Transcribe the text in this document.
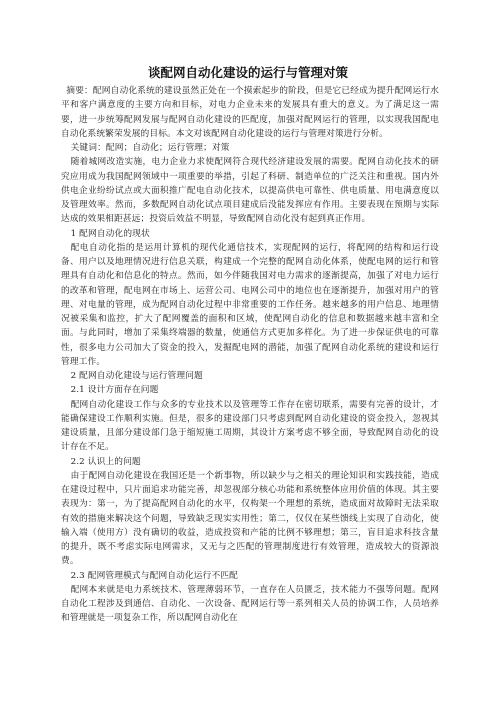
谈配网自动化建设的运行与管理对策

摘要：配网自动化系统的建设虽然正处在一个摸索起步的阶段，但是它已经成为提升配网运行水平和客户满意度的主要方向和目标，对电力企业未来的发展具有重大的意义。为了满足这一需要，进一步统筹配网发展与配网自动化建设的匹配度，加强对配网运行的管理，以实现我国配电自动化系统繁荣发展的目标。本文对该配网自动化建设的运行与管理对策进行分析。

关键词：配网；自动化；运行管理；对策

随着城网改造实施，电力企业力求使配网符合现代经济建设发展的需要。配网自动化技术的研究应用成为我国配网领域中一项重要的举措，引起了科研、制造单位的广泛关注和重视。国内外供电企业纷纷试点或大面积推广配电自动化技术，以提高供电可靠性、供电质量、用电满意度以及管理效率。然而，多数配网自动化试点项目建成后没能发挥应有作用。主要表现在预期与实际达成的效果相距甚远；投资后效益不明显，导致配网自动化没有起到真正作用。

1 配网自动化的现状

配电自动化指的是运用计算机的现代化通信技术，实现配网的运行，将配网的结构和运行设备、用户以及地理情况进行信息关联，构建成一个完整的配网自动化体系，使配电网的运行和管理具有自动化和信息化的特点。然而，如今伴随我国对电力需求的逐渐提高，加强了对电力运行的改革和管理，配电网在市场上、运营公司、电网公司中的地位也在逐渐提升，加强对用户的管理、对电量的管理，成为配网自动化过程中非常重要的工作任务。越来越多的用户信息、地理情况被采集和监控，扩大了配网覆盖的面积和区域，使配网自动化的信息和数据越来越丰富和全面。与此同时，增加了采集终端器的数量，使通信方式更加多样化。为了进一步保证供电的可靠性，很多电力公司加大了资金的投入，发掘配电网的潜能，加强了配网自动化系统的建设和运行管理工作。

2 配网自动化建设与运行管理问题

2.1 设计方面存在问题

配网自动化建设工作与众多的专业技术以及管理等工作存在密切联系，需要有完善的设计，才能确保建设工作顺利实施。但是，很多的建设部门只考虑到配网自动化建设的资金投入，忽视其建设质量，且部分建设部门急于缩短施工周期，其设计方案考虑不够全面，导致配网自动化的设计存在不足。

2.2 认识上的问题

由于配网自动化建设在我国还是一个新事物，所以缺少与之相关的理论知识和实践技能，造成在建设过程中，只片面追求功能完善，却忽视部分核心功能和系统整体应用价值的体现。其主要表现为：第一，为了提高配网自动化的水平，仅构架一个理想的系统，造成面对故障时无法采取有效的措施来解决这个问题，导致缺乏现实实用性；第二，仅仅在某些馈线上实现了自动化，使输入端（使用方）没有确切的收益，造成投资和产能的比例不够理想；第三，盲目追求科技含量的提升，既不考虑实际电网需求，又无与之匹配的管理制度进行有效管理，造成较大的资源浪费。

2.3 配网管理模式与配网自动化运行不匹配

配网本来就是电力系统技术、管理薄弱环节，一直存在人员匮乏，技术能力不强等问题。配网自动化工程涉及到通信、自动化、一次设备、配网运行等一系列相关人员的协调工作，人员培养和管理就是一项复杂工作，所以配网自动化在
